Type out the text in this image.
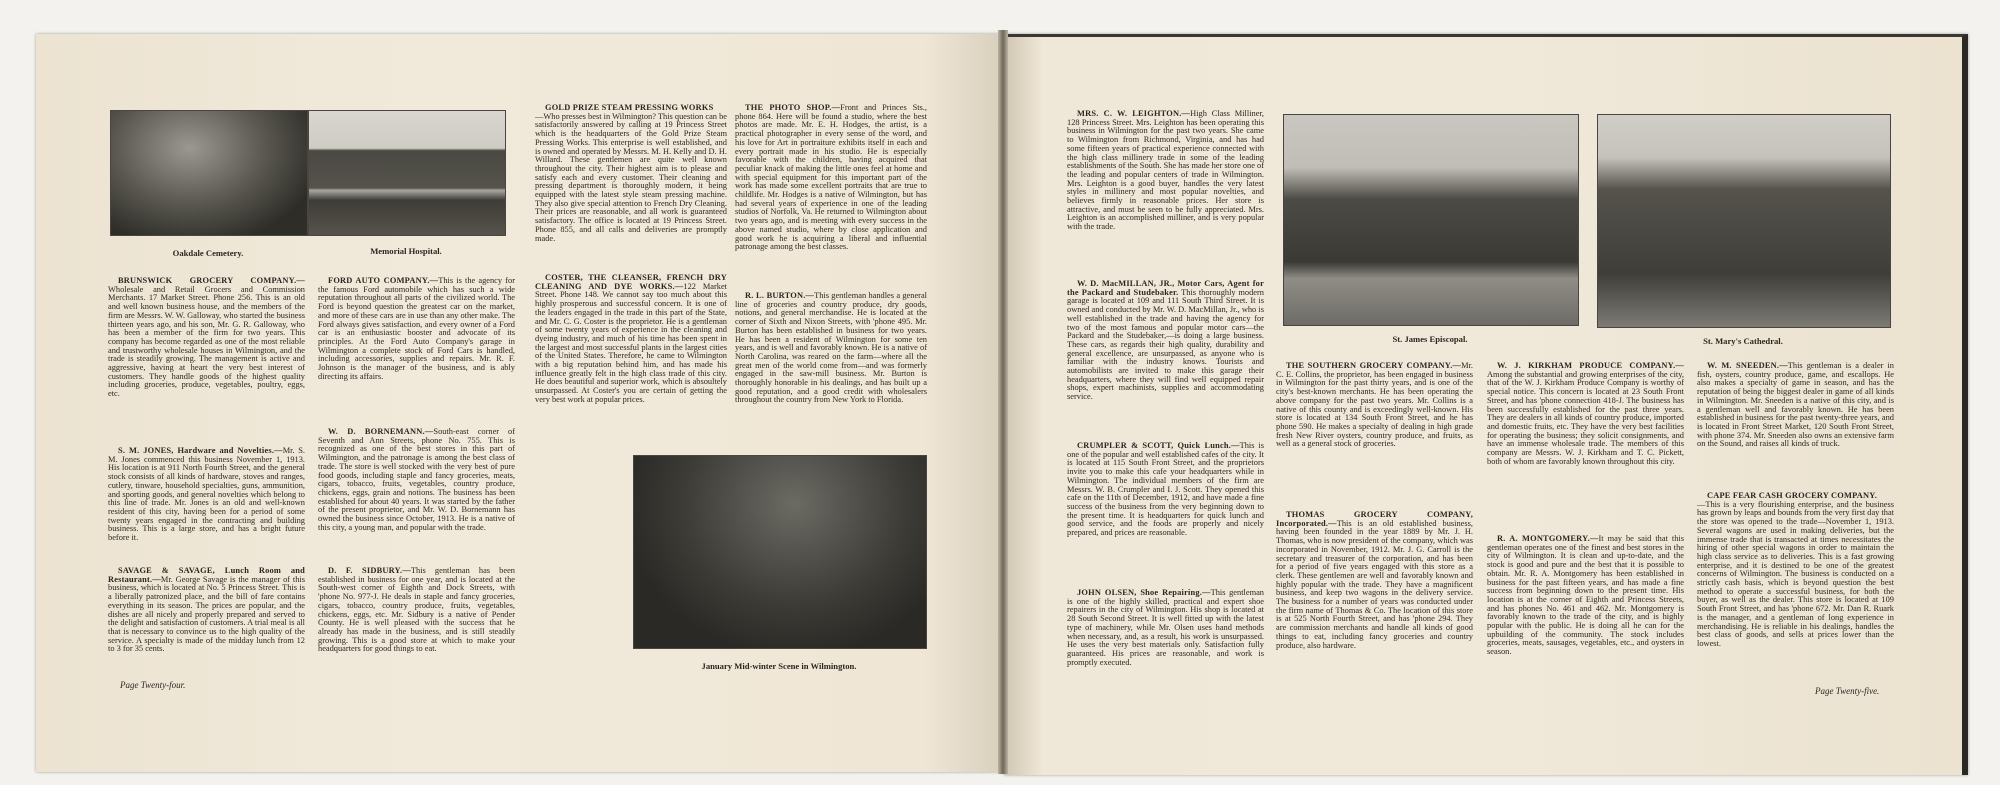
Oakdale Cemetery.	Memorial Hospital.
January Mid-winter Scene in Wilmington.
BRUNSWICK GROCERY COMPANY.—Wholesale and Retail Grocers and Commission Merchants. 17 Market Street. Phone 256. This is an old and well known business house, and the members of the firm are Messrs. W. W. Galloway, who started the business thirteen years ago, and his son, Mr. G. R. Galloway, who has been a member of the firm for two years. This company has become regarded as one of the most reliable and trustworthy wholesale houses in Wilmington, and the trade is steadily growing. The management is active and aggressive, having at heart the very best interest of customers. They handle goods of the highest quality including groceries, produce, vegetables, poultry, eggs, etc.
S. M. JONES, Hardware and Novelties.—Mr. S. M. Jones commenced this business November 1, 1913. His location is at 911 North Fourth Street, and the general stock consists of all kinds of hardware, stoves and ranges, cutlery, tinware, household specialties, guns, ammunition, and sporting goods, and general novelties which belong to this line of trade. Mr. Jones is an old and well-known resident of this city, having been for a period of some twenty years engaged in the contracting and building business. This is a large store, and has a bright future before it.
SAVAGE & SAVAGE, Lunch Room and Restaurant.—Mr. George Savage is the manager of this business, which is located at No. 5 Princess Street. This is a liberally patronized place, and the bill of fare contains everything in its season. The prices are popular, and the dishes are all nicely and properly prepared and served to the delight and satisfaction of customers. A trial meal is all that is necessary to convince us to the high quality of the service. A specialty is made of the midday lunch from 12 to 3 for 35 cents.
Page Twenty-four.
FORD AUTO COMPANY.—This is the agency for the famous Ford automobile which has such a wide reputation throughout all parts of the civilized world. The Ford is beyond question the greatest car on the market, and more of these cars are in use than any other make. The Ford always gives satisfaction, and every owner of a Ford car is an enthusiastic booster and advocate of its principles. At the Ford Auto Company's garage in Wilmington a complete stock of Ford Cars is handled, including accessories, supplies and repairs. Mr. R. F. Johnson is the manager of the business, and is ably directing its affairs.
W. D. BORNEMANN.—South-east corner of Seventh and Ann Streets, phone No. 755. This is recognized as one of the best stores in this part of Wilmington, and the patronage is among the best class of trade. The store is well stocked with the very best of pure food goods, including staple and fancy groceries, meats, cigars, tobacco, fruits, vegetables, country produce, chickens, eggs, grain and notions. The business has been established for about 40 years. It was started by the father of the present proprietor, and Mr. W. D. Bornemann has owned the business since October, 1913. He is a native of this city, a young man, and popular with the trade.
D. F. SIDBURY.—This gentleman has been established in business for one year, and is located at the South-west corner of Eighth and Dock Streets, with 'phone No. 977-J. He deals in staple and fancy groceries, cigars, tobacco, country produce, fruits, vegetables, chickens, eggs, etc. Mr. Sidbury is a native of Pender County. He is well pleased with the success that he already has made in the business, and is still steadily growing. This is a good store at which to make your headquarters for good things to eat.
GOLD PRIZE STEAM PRESSING WORKS
—Who presses best in Wilmington? This question can be satisfactorily answered by calling at 19 Princess Street which is the headquarters of the Gold Prize Steam Pressing Works. This enterprise is well established, and is owned and operated by Messrs. M. H. Kelly and D. H. Willard. These gentlemen are quite well known throughout the city. Their highest aim is to please and satisfy each and every customer. Their cleaning and pressing department is thoroughly modern, it being equipped with the latest style steam pressing machine. They also give special attention to French Dry Cleaning. Their prices are reasonable, and all work is guaranteed satisfactory. The office is located at 19 Princess Street. Phone 855, and all calls and deliveries are promptly made.
COSTER, THE CLEANSER, FRENCH DRY CLEANING AND DYE WORKS.—122 Market Street. Phone 148. We cannot say too much about this highly prosperous and successful concern. It is one of the leaders engaged in the trade in this part of the State, and Mr. C. G. Coster is the proprietor. He is a gentleman of some twenty years of experience in the cleaning and dyeing industry, and much of his time has been spent in the largest and most successful plants in the largest cities of the United States. Therefore, he came to Wilmington with a big reputation behind him, and has made his influence greatly felt in the high class trade of this city. He does beautiful and superior work, which is absoultely unsurpassed. At Coster's you are certain of getting the very best work at popular prices.
THE PHOTO SHOP.—Front and Princes Sts., phone 864. Here will be found a studio, where the best photos are made. Mr. E. H. Hodges, the artist, is a practical photographer in every sense of the word, and his love for Art in portraiture exhibits itself in each and every portrait made in his studio. He is especially favorable with the children, having acquired that peculiar knack of making the little ones feel at home and with special equipment for this important part of the work has made some excellent portraits that are true to childlife. Mr. Hodges is a native of Wilmington, but has had several years of experience in one of the leading studios of Norfolk, Va. He returned to Wilmington about two years ago, and is meeting with every success in the above named studio, where by close application and good work he is acquiring a liberal and influential patronage among the best classes.
R. L. BURTON.—This gentleman handles a general line of groceries and country produce, dry goods, notions, and general merchandise. He is located at the corner of Sixth and Nixon Streets, with 'phone 495. Mr. Burton has been established in business for two years. He has been a resident of Wilmington for some ten years, and is well and favorably known. He is a native of North Carolina, was reared on the farm—where all the great men of the world come from—and was formerly engaged in the saw-mill business. Mr. Burton is thoroughly honorable in his dealings, and has built up a good reputation, and a good credit with wholesalers throughout the country from New York to Florida.
St. James Episcopal.	St. Mary's Cathedral.
MRS. C. W. LEIGHTON.—High Class Milliner, 128 Princess Street. Mrs. Leighton has been operating this business in Wilmington for the past two years. She came to Wilmington from Richmond, Virginia, and has had some fifteen years of practical experience connected with the high class millinery trade in some of the leading establishments of the South. She has made her store one of the leading and popular centers of trade in Wilmington. Mrs. Leighton is a good buyer, handles the very latest styles in millinery and most popular novelties, and believes firmly in reasonable prices. Her store is attractive, and must be seen to be fully appreciated. Mrs. Leighton is an accomplished milliner, and is very popular with the trade.
W. D. MacMILLAN, JR., Motor Cars, Agent for the Packard and Studebaker. This thoroughly modern garage is located at 109 and 111 South Third Street. It is owned and conducted by Mr. W. D. MacMillan, Jr., who is well established in the trade and having the agency for two of the most famous and popular motor cars—the Packard and the Studebaker,—is doing a large business. These cars, as regards their high quality, durability and general excellence, are unsurpassed, as anyone who is familiar with the industry knows. Tourists and automobilists are invited to make this garage their headquarters, where they will find well equipped repair shops, expert machinists, supplies and accommodating service.
CRUMPLER & SCOTT, Quick Lunch.—This is one of the popular and well established cafes of the city. It is located at 115 South Front Street, and the proprietors invite you to make this cafe your headquarters while in Wilmington. The individual members of the firm are Messrs. W. B. Crumpler and I. J. Scott. They opened this cafe on the 11th of December, 1912, and have made a fine success of the business from the very beginning down to the present time. It is headquarters for quick lunch and good service, and the foods are properly and nicely prepared, and prices are reasonable.
JOHN OLSEN, Shoe Repairing.—This gentleman is one of the highly skilled, practical and expert shoe repairers in the city of Wilmington. His shop is located at 28 South Second Street. It is well fitted up with the latest type of machinery, while Mr. Olsen uses hand methods when necessary, and, as a result, his work is unsurpassed. He uses the very best materials only. Satisfaction fully guaranteed. His prices are reasonable, and work is promptly executed.
THE SOUTHERN GROCERY COMPANY.—Mr. C. E. Collins, the proprietor, has been engaged in business in Wilmington for the past thirty years, and is one of the city's best-known merchants. He has been operating the above company for the past two years. Mr. Collins is a native of this county and is exceedingly well-known. His store is located at 134 South Front Street, and he has phone 590. He makes a specialty of dealing in high grade fresh New River oysters, country produce, and fruits, as well as a general stock of groceries.
THOMAS GROCERY COMPANY, Incorporated.—This is an old established business, having been founded in the year 1889 by Mr. J. H. Thomas, who is now president of the company, which was incorporated in November, 1912. Mr. J. G. Carroll is the secretary and treasurer of the corporation, and has been for a period of five years engaged with this store as a clerk. These gentlemen are well and favorably known and highly popular with the trade. They have a magnificent business, and keep two wagons in the delivery service. The business for a number of years was conducted under the firm name of Thomas & Co. The location of this store is at 525 North Fourth Street, and has 'phone 294. They are commission merchants and handle all kinds of good things to eat, including fancy groceries and country produce, also hardware.
W. J. KIRKHAM PRODUCE COMPANY.—Among the substantial and growing enterprises of the city, that of the W. J. Kirkham Produce Company is worthy of special notice. This concern is located at 23 South Front Street, and has 'phone connection 418-J. The business has been successfully established for the past three years. They are dealers in all kinds of country produce, imported and domestic fruits, etc. They have the very best facilities for operating the business; they solicit consignments, and have an immense wholesale trade. The members of this company are Messrs. W. J. Kirkham and T. C. Pickett, both of whom are favorably known throughout this city.
R. A. MONTGOMERY.—It may be said that this gentleman operates one of the finest and best stores in the city of Wilmington. It is clean and up-to-date, and the stock is good and pure and the best that it is possible to obtain. Mr. R. A. Montgomery has been established in business for the past fifteen years, and has made a fine success from beginning down to the present time. His location is at the corner of Eighth and Princess Streets, and has phones No. 461 and 462. Mr. Montgomery is favorably known to the trade of the city, and is highly popular with the public. He is doing all he can for the upbuilding of the community. The stock includes groceries, meats, sausages, vegetables, etc., and oysters in season.
W. M. SNEEDEN.—This gentleman is a dealer in fish, oysters, country produce, game, and escallops. He also makes a specialty of game in season, and has the reputation of being the biggest dealer in game of all kinds in Wilmington. Mr. Sneeden is a native of this city, and is a gentleman well and favorably known. He has been established in business for the past twenty-three years, and is located in Front Street Market, 120 South Front Street, with phone 374. Mr. Sneeden also owns an extensive farm on the Sound, and raises all kinds of truck.
CAPE FEAR CASH GROCERY COMPANY.
—This is a very flourishing enterprise, and the business has grown by leaps and bounds from the very first day that the store was opened to the trade—November 1, 1913. Several wagons are used in making deliveries, but the immense trade that is transacted at times necessitates the hiring of other special wagons in order to maintain the high class service as to deliveries. This is a fast growing enterprise, and it is destined to be one of the greatest concerns of Wilmington. The business is conducted on a strictly cash basis, which is beyond question the best method to operate a successful business, for both the buyer, as well as the dealer. This store is located at 109 South Front Street, and has 'phone 672. Mr. Dan R. Ruark is the manager, and a gentleman of long experience in merchandising. He is reliable in his dealings, handles the best class of goods, and sells at prices lower than the lowest.
Page Twenty-five.
